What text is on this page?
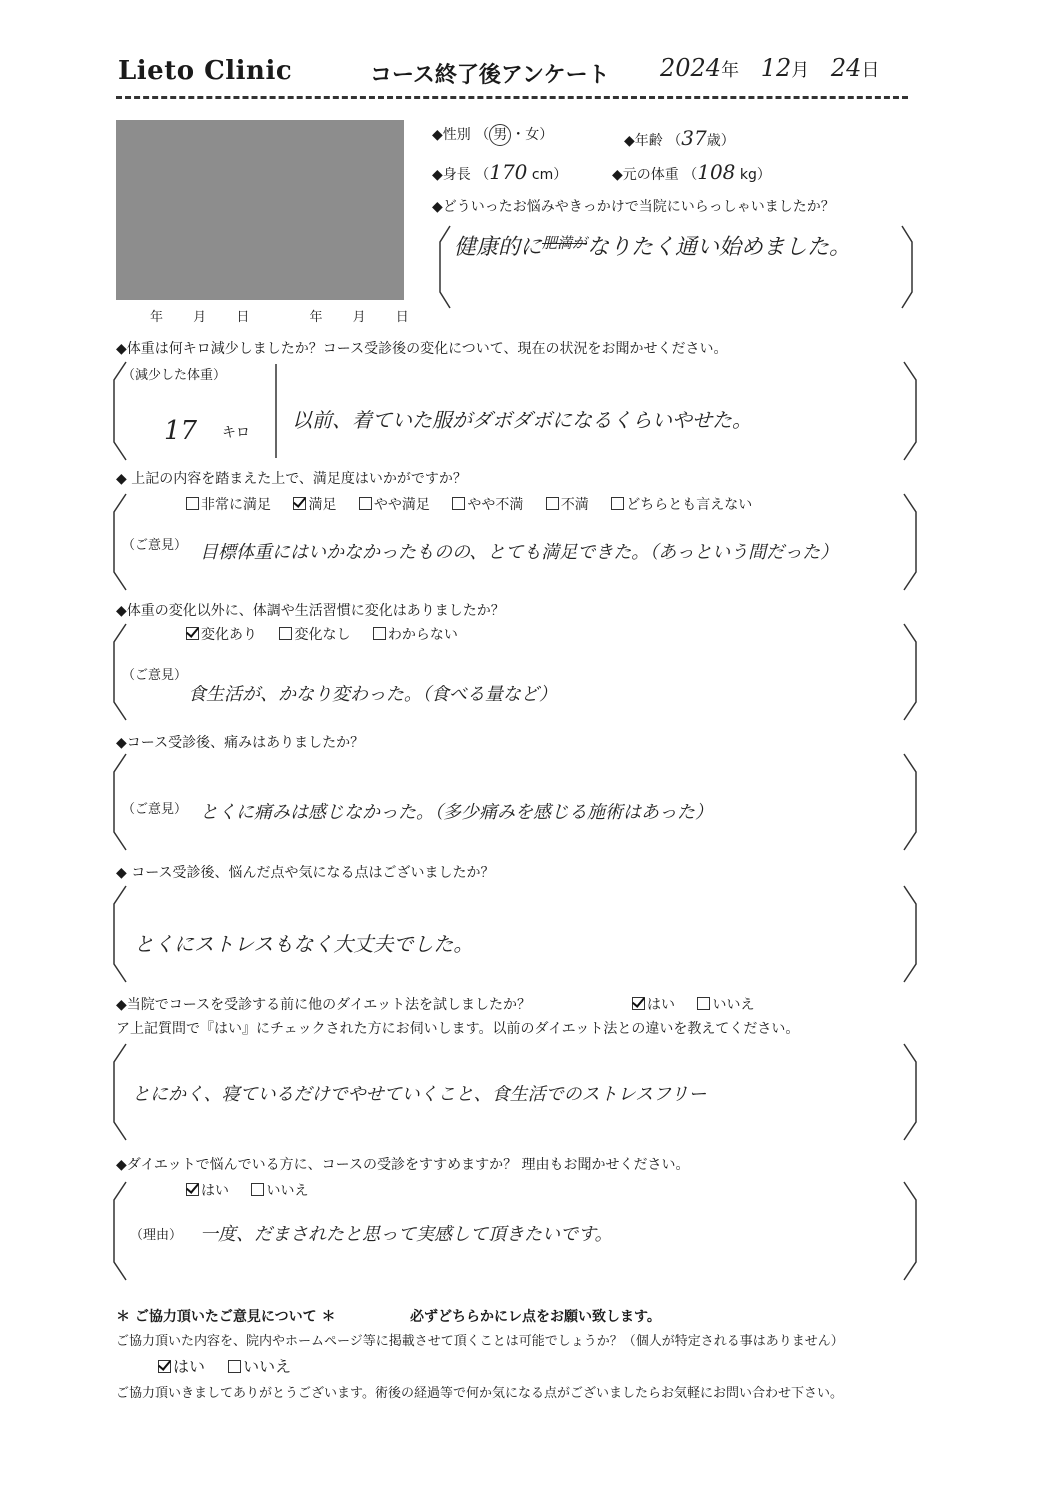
Lieto Clinic	コース終了後アンケート 2024年 12月 24日
年 月 日	年 月 日
◆性別 （ 男 ・女）	◆年齢 （37歳）
◆身長 （170 cm）	◆元の体重 （108 kg）
◆どういったお悩みやきっかけで当院にいらっしゃいましたか？
健康的に$^{肥満が}$なりたく通い始めました。
◆体重は何キロ減少しましたか？コース受診後の変化について、現在の状況をお聞かせください。
（減少した体重）
17 キロ
以前、着ていた服がダボダボになるくらいやせた。
◆ 上記の内容を踏まえた上で、満足度はいかがですか？
非常に満足	満足	やや満足	やや不満	不満	どちらとも言えない
（ご意見） 目標体重にはいかなかったものの、とても満足できた。（あっという間だった）
◆体重の変化以外に、体調や生活習慣に変化はありましたか？
変化あり	変化なし	わからない
（ご意見）
食生活が、かなり変わった。（食べる量など）
◆コース受診後、痛みはありましたか？
（ご意見） とくに痛みは感じなかった。（多少痛みを感じる施術はあった）
◆ コース受診後、悩んだ点や気になる点はございましたか？
とくにストレスもなく大丈夫でした。
◆当院でコースを受診する前に他のダイエット法を試しましたか？	はい	いいえ
ア上記質問で『はい』にチェックされた方にお伺いします。以前のダイエット法との違いを教えてください。
とにかく、寝ているだけでやせていくこと、食生活でのストレスフリー
◆ダイエットで悩んでいる方に、コースの受診をすすめますか？ 理由もお聞かせください。
はい	いいえ
（理由） 一度、だまされたと思って実感して頂きたいです。
＊ ご協力頂いたご意見について ＊	必ずどちらかにレ点をお願い致します。
ご協力頂いた内容を、院内やホームページ等に掲載させて頂くことは可能でしょうか？（個人が特定される事はありません）
はい いいえ
ご協力頂いきましてありがとうございます。術後の経過等で何か気になる点がございましたらお気軽にお問い合わせ下さい。
